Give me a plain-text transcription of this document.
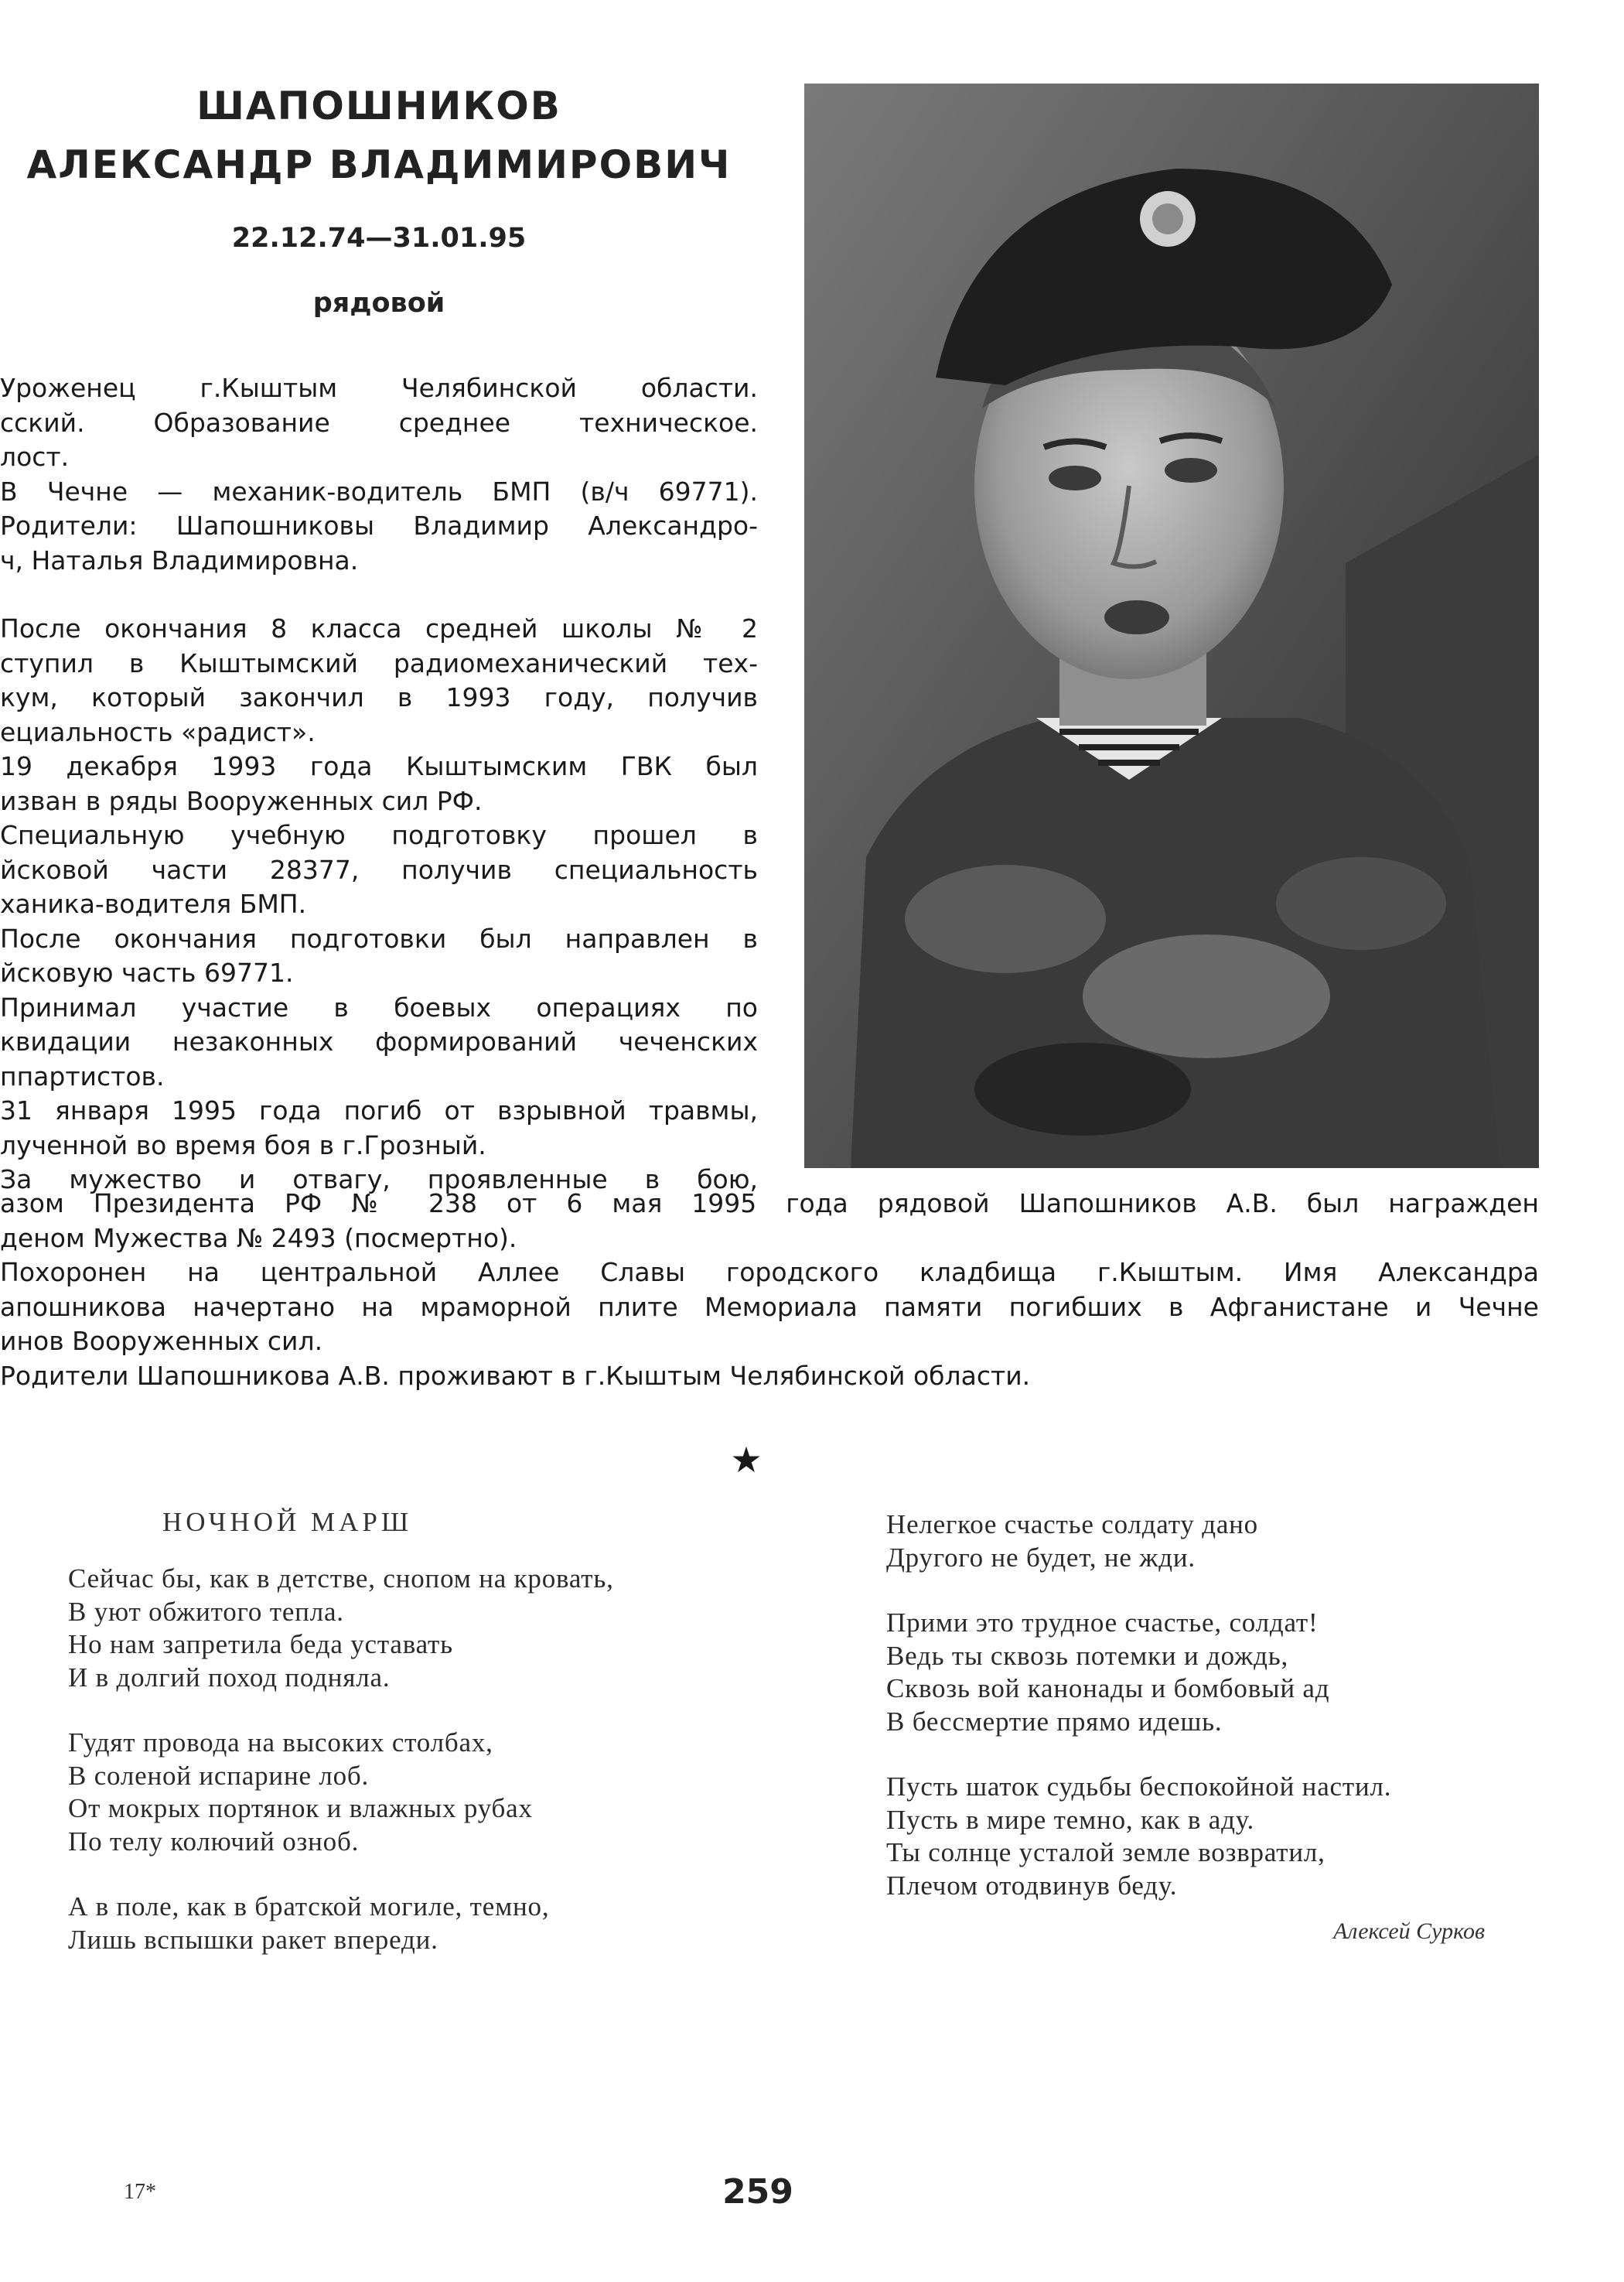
ШАПОШНИКОВ
АЛЕКСАНДР ВЛАДИМИРОВИЧ
22.12.74—31.01.95
рядовой

Уроженец г.Кыштым Челябинской области.
сский. Образование среднее техническое.
лост.
В Чечне — механик-водитель БМП (в/ч 69771).
Родители: Шапошниковы Владимир Александро-
ч, Наталья Владимировна.

После окончания 8 класса средней школы № 2
ступил в Кыштымский радиомеханический тех-
кум, который закончил в 1993 году, получив
ециальность «радист».
19 декабря 1993 года Кыштымским ГВК был
изван в ряды Вооруженных сил РФ.
Специальную учебную подготовку прошел в
йсковой части 28377, получив специальность
ханика-водителя БМП.
После окончания подготовки был направлен в
йсковую часть 69771.
Принимал участие в боевых операциях по
квидации незаконных формирований чеченских
ппартистов.
31 января 1995 года погиб от взрывной травмы,
лученной во время боя в г.Грозный.
За мужество и отвагу, проявленные в бою,

азом Президента РФ № 238 от 6 мая 1995 года рядовой Шапошников А.В. был награжден
деном Мужества № 2493 (посмертно).
Похоронен на центральной Аллее Славы городского кладбища г.Кыштым. Имя Александра
апошникова начертано на мраморной плите Мемориала памяти погибших в Афганистане и Чечне
инов Вооруженных сил.
Родители Шапошникова А.В. проживают в г.Кыштым Челябинской области.

★
НОЧНОЙ МАРШ
Сейчас бы, как в детстве, снопом на кровать,
В уют обжитого тепла.
Но нам запретила беда уставать
И в долгий поход подняла.
Гудят провода на высоких столбах,
В соленой испарине лоб.
От мокрых портянок и влажных рубах
По телу колючий озноб.
А в поле, как в братской могиле, темно,
Лишь вспышки ракет впереди.
Нелегкое счастье солдату дано
Другого не будет, не жди.
Прими это трудное счастье, солдат!
Ведь ты сквозь потемки и дождь,
Сквозь вой канонады и бомбовый ад
В бессмертие прямо идешь.
Пусть шаток судьбы беспокойной настил.
Пусть в мире темно, как в аду.
Ты солнце усталой земле возвратил,
Плечом отодвинув беду.
Алексей Сурков
17*	259
